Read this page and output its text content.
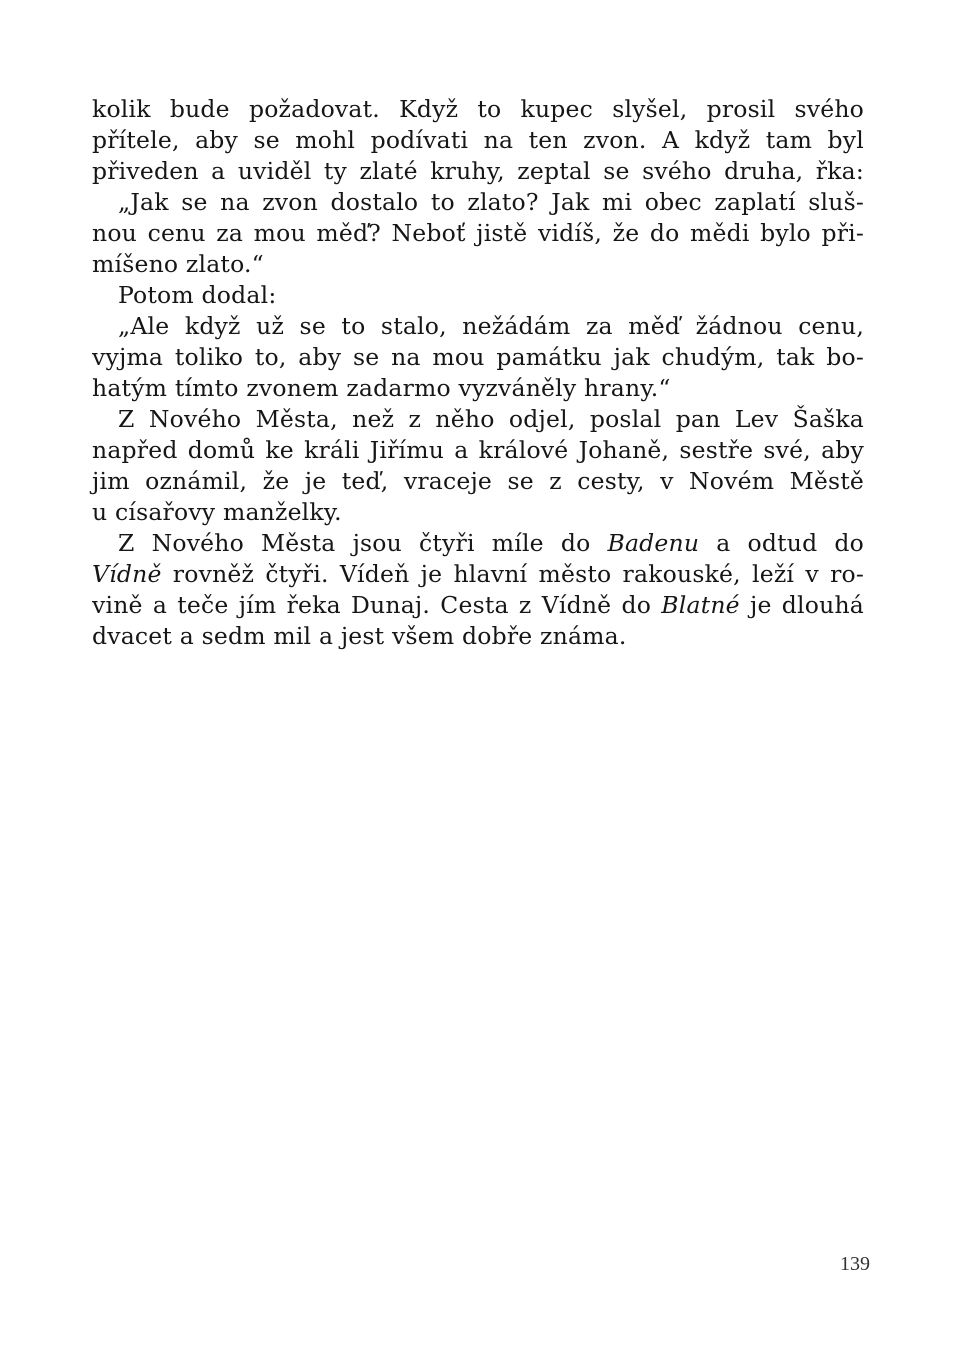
kolik bude požadovat. Když to kupec slyšel, prosil svého
přítele, aby se mohl podívati na ten zvon. A když tam byl
přiveden a uviděl ty zlaté kruhy, zeptal se svého druha, řka:
„Jak se na zvon dostalo to zlato? Jak mi obec zaplatí sluš-
nou cenu za mou měď? Neboť jistě vidíš, že do mědi bylo při-
míšeno zlato.“
Potom dodal:
„Ale když už se to stalo, nežádám za měď žádnou cenu,
vyjma toliko to, aby se na mou památku jak chudým, tak bo-
hatým tímto zvonem zadarmo vyzváněly hrany.“
Z Nového Města, než z něho odjel, poslal pan Lev Šaška
napřed domů ke králi Jiřímu a králové Johaně, sestře své, aby
jim oznámil, že je teď, vraceje se z cesty, v Novém Městě
u císařovy manželky.
Z Nového Města jsou čtyři míle do Badenu a odtud do
Vídně rovněž čtyři. Vídeň je hlavní město rakouské, leží v ro-
vině a teče jím řeka Dunaj. Cesta z Vídně do Blatné je dlouhá
dvacet a sedm mil a jest všem dobře známa.
139
